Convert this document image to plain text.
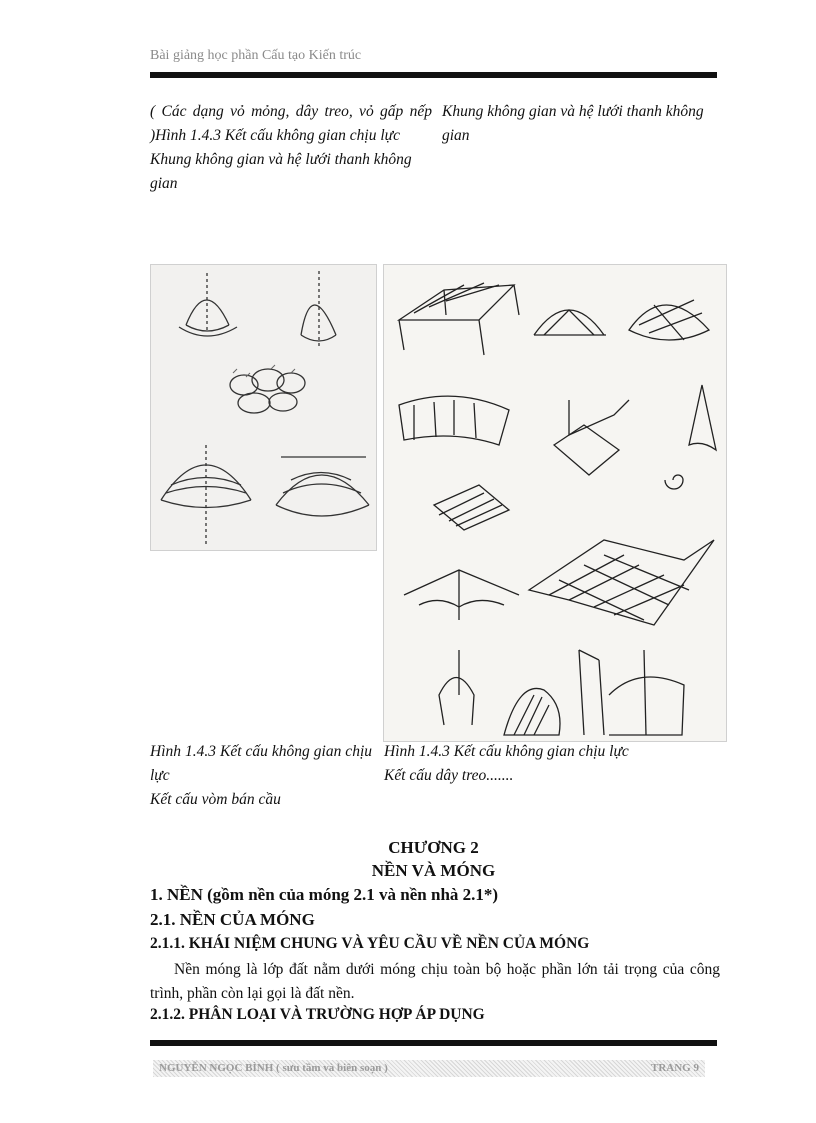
Bài giảng học phần Cấu tạo Kiến trúc
( Các dạng vỏ mỏng, dây treo, vỏ gấp nếp )Hình 1.4.3 Kết cấu không gian chịu lực
Khung không gian và hệ lưới thanh không gian
Khung không gian và hệ lưới thanh không gian
Hình 1.4.3 Kết cấu không gian chịu lực
Kết cấu vòm bán cầu
Hình 1.4.3 Kết cấu không gian chịu lực
Kết cấu dây treo.......
CHƯƠNG 2
NỀN VÀ MÓNG
1. NỀN (gồm nền của móng 2.1 và nền nhà 2.1*)
2.1. NỀN CỦA MÓNG
2.1.1. KHÁI NIỆM CHUNG VÀ YÊU CẦU VỀ NỀN CỦA MÓNG
Nền móng là lớp đất nằm dưới móng chịu toàn bộ hoặc phần lớn tải trọng của công trình, phần còn lại gọi là đất nền.
2.1.2. PHÂN LOẠI VÀ TRƯỜNG HỢP ÁP DỤNG
NGUYỄN NGỌC BÌNH ( sưu tầm và biên soạn )	TRANG 9
